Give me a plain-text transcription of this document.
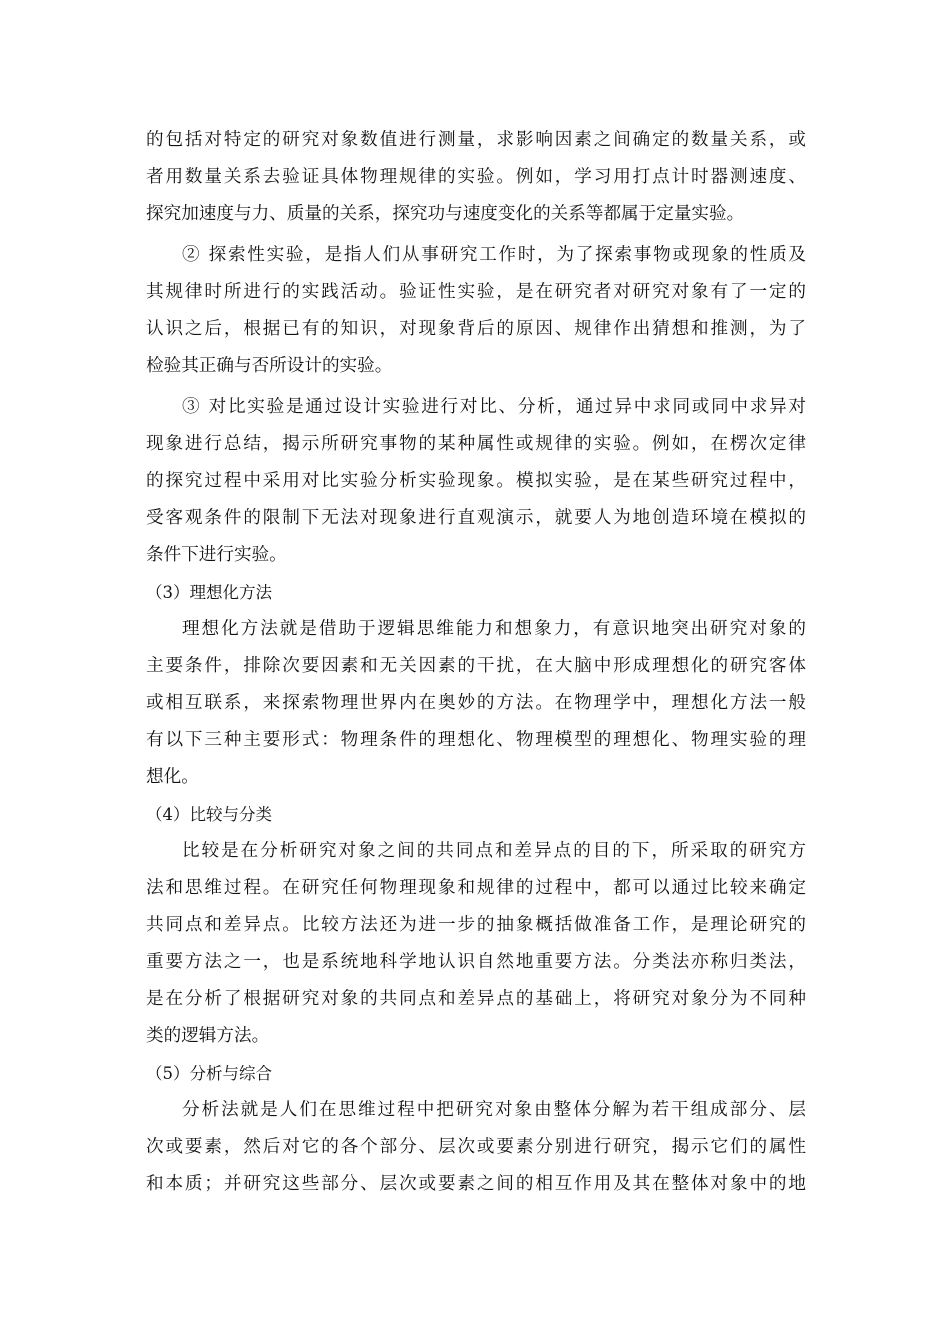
的包括对特定的研究对象数值进行测量，求影响因素之间确定的数量关系，或
者用数量关系去验证具体物理规律的实验。例如，学习用打点计时器测速度、
探究加速度与力、质量的关系，探究功与速度变化的关系等都属于定量实验。
② 探索性实验，是指人们从事研究工作时，为了探索事物或现象的性质及
其规律时所进行的实践活动。验证性实验，是在研究者对研究对象有了一定的
认识之后，根据已有的知识，对现象背后的原因、规律作出猜想和推测，为了
检验其正确与否所设计的实验。
③ 对比实验是通过设计实验进行对比、分析，通过异中求同或同中求异对
现象进行总结，揭示所研究事物的某种属性或规律的实验。例如，在楞次定律
的探究过程中采用对比实验分析实验现象。模拟实验，是在某些研究过程中，
受客观条件的限制下无法对现象进行直观演示，就要人为地创造环境在模拟的
条件下进行实验。
（3）理想化方法
理想化方法就是借助于逻辑思维能力和想象力，有意识地突出研究对象的
主要条件，排除次要因素和无关因素的干扰，在大脑中形成理想化的研究客体
或相互联系，来探索物理世界内在奥妙的方法。在物理学中，理想化方法一般
有以下三种主要形式：物理条件的理想化、物理模型的理想化、物理实验的理
想化。
（4）比较与分类
比较是在分析研究对象之间的共同点和差异点的目的下，所采取的研究方
法和思维过程。在研究任何物理现象和规律的过程中，都可以通过比较来确定
共同点和差异点。比较方法还为进一步的抽象概括做准备工作，是理论研究的
重要方法之一，也是系统地科学地认识自然地重要方法。分类法亦称归类法，
是在分析了根据研究对象的共同点和差异点的基础上，将研究对象分为不同种
类的逻辑方法。
（5）分析与综合
分析法就是人们在思维过程中把研究对象由整体分解为若干组成部分、层
次或要素，然后对它的各个部分、层次或要素分别进行研究，揭示它们的属性
和本质；并研究这些部分、层次或要素之间的相互作用及其在整体对象中的地
